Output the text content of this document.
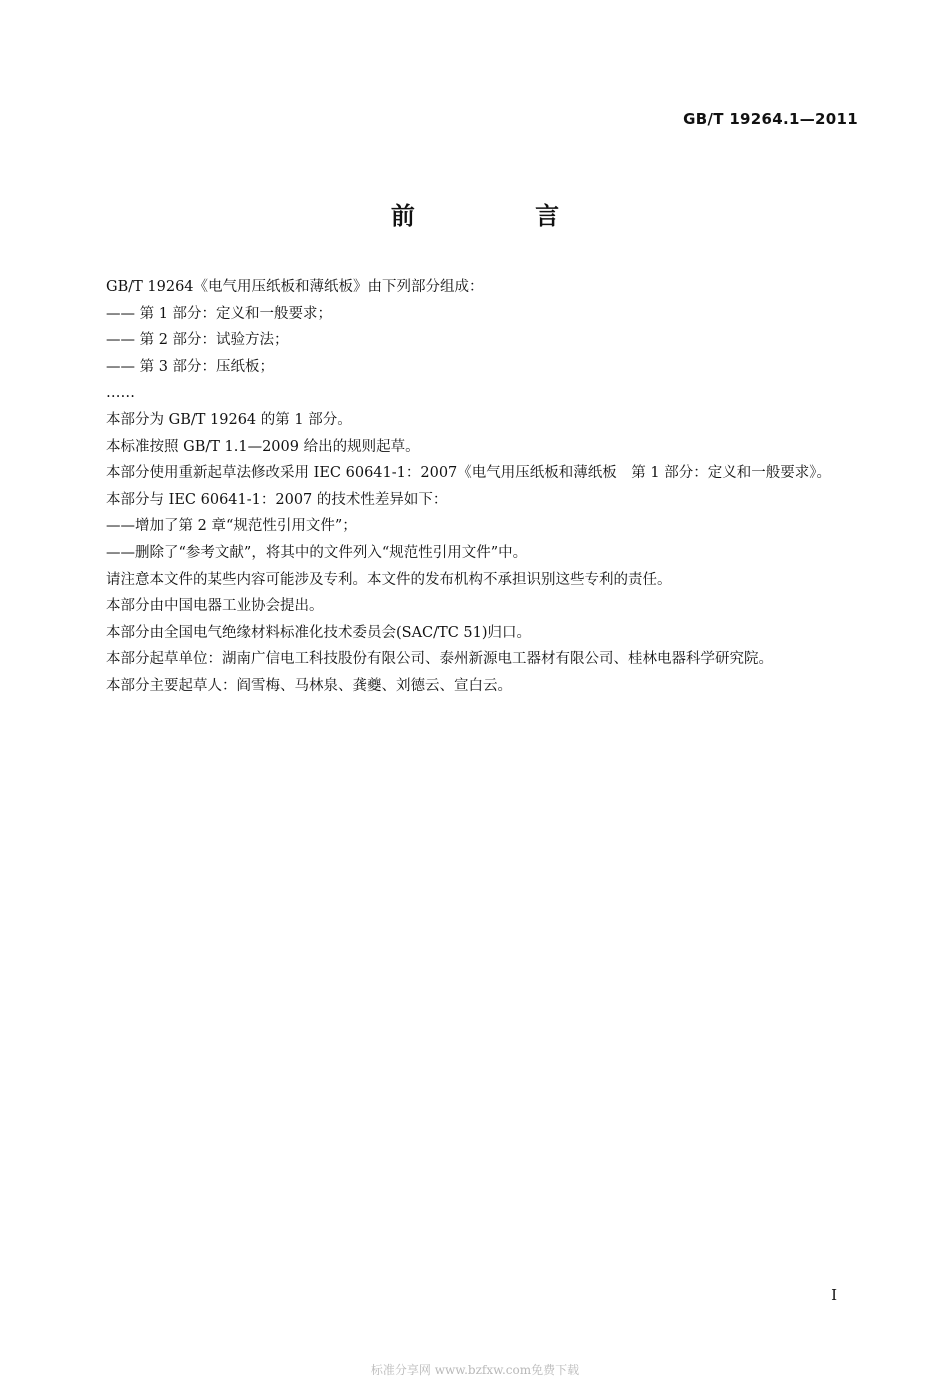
GB/T 19264.1—2011
前 言

GB/T 19264《电气用压纸板和薄纸板》由下列部分组成：

—— 第 1 部分：定义和一般要求；

—— 第 2 部分：试验方法；

—— 第 3 部分：压纸板；

……

本部分为 GB/T 19264 的第 1 部分。

本标准按照 GB/T 1.1—2009 给出的规则起草。

本部分使用重新起草法修改采用 IEC 60641-1：2007《电气用压纸板和薄纸板　第 1 部分：定义和一般要求》。

本部分与 IEC 60641-1：2007 的技术性差异如下：

——增加了第 2 章“规范性引用文件”；

——删除了“参考文献”，将其中的文件列入“规范性引用文件”中。

请注意本文件的某些内容可能涉及专利。本文件的发布机构不承担识别这些专利的责任。

本部分由中国电器工业协会提出。

本部分由全国电气绝缘材料标准化技术委员会(SAC/TC 51)归口。

本部分起草单位：湖南广信电工科技股份有限公司、泰州新源电工器材有限公司、桂林电器科学研究院。

本部分主要起草人：阎雪梅、马林泉、龚夔、刘德云、宣白云。

I
标准分享网 www.bzfxw.com免费下载
